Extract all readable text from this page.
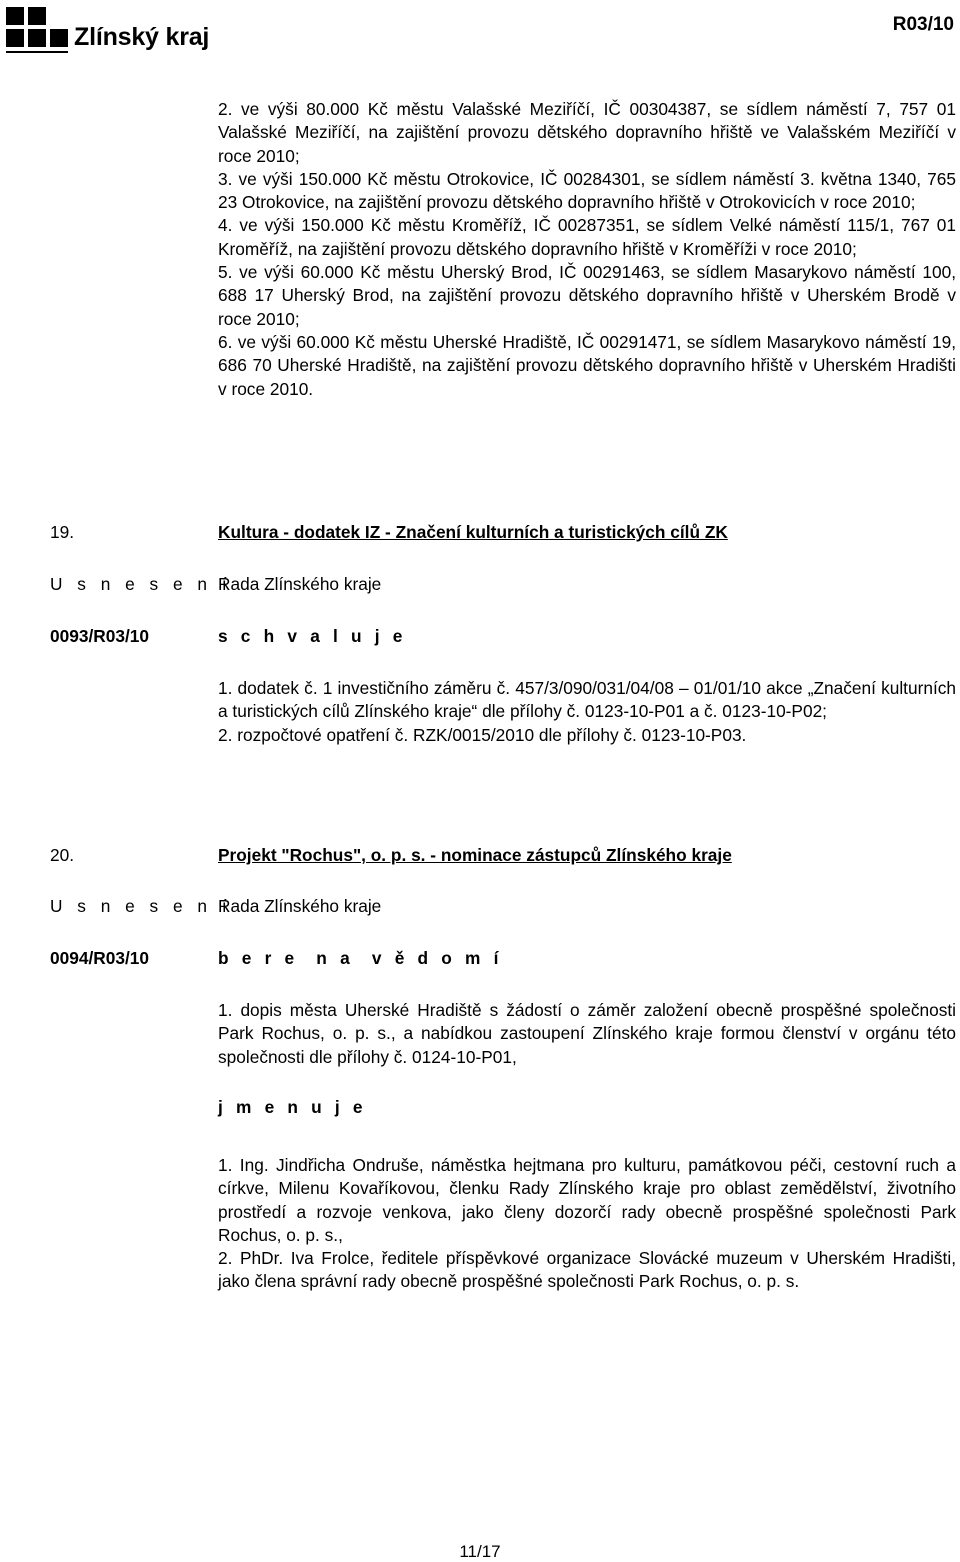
Zlínský kraj	R03/10
2. ve výši 80.000 Kč městu Valašské Meziříčí, IČ 00304387, se sídlem náměstí 7, 757 01 Valašské Meziříčí, na zajištění provozu dětského dopravního hřiště ve Valašském Meziříčí v roce 2010;
3. ve výši 150.000 Kč městu Otrokovice, IČ 00284301, se sídlem náměstí 3. května 1340, 765 23 Otrokovice, na zajištění provozu dětského dopravního hřiště v Otrokovicích v roce 2010;
4. ve výši 150.000 Kč městu Kroměříž, IČ 00287351, se sídlem Velké náměstí 115/1, 767 01 Kroměříž, na zajištění provozu dětského dopravního hřiště v Kroměříži v roce 2010;
5. ve výši 60.000 Kč městu Uherský Brod, IČ 00291463, se sídlem Masarykovo náměstí 100, 688 17 Uherský Brod, na zajištění provozu dětského dopravního hřiště v Uherském Brodě v roce 2010;
6. ve výši 60.000 Kč městu Uherské Hradiště, IČ 00291471, se sídlem Masarykovo náměstí 19, 686 70 Uherské Hradiště, na zajištění provozu dětského dopravního hřiště v Uherském Hradišti v roce 2010.
19.	Kultura - dodatek IZ - Značení kulturních a turistických cílů ZK
U s n e s e n í
Rada Zlínského kraje
0093/R03/10	s c h v a l u j e
1. dodatek č. 1 investičního záměru č. 457/3/090/031/04/08 – 01/01/10 akce „Značení kulturních a turistických cílů Zlínského kraje“ dle přílohy č. 0123-10-P01 a č. 0123-10-P02;
2. rozpočtové opatření č. RZK/0015/2010 dle přílohy č. 0123-10-P03.
20.	Projekt "Rochus", o. p. s. - nominace zástupců Zlínského kraje
U s n e s e n í
Rada Zlínského kraje
0094/R03/10	b e r e  n a  v ě d o m í
1. dopis města Uherské Hradiště s žádostí o záměr založení obecně prospěšné společnosti Park Rochus, o. p. s., a nabídkou zastoupení Zlínského kraje formou členství v orgánu této společnosti dle přílohy č. 0124-10-P01,
j m e n u j e
1. Ing. Jindřicha Ondruše, náměstka hejtmana pro kulturu, památkovou péči, cestovní ruch a církve, Milenu Kovaříkovou, členku Rady Zlínského kraje pro oblast zemědělství, životního prostředí a rozvoje venkova, jako členy dozorčí rady obecně prospěšné společnosti Park Rochus, o. p. s.,
2. PhDr. Iva Frolce, ředitele příspěvkové organizace Slovácké muzeum v Uherském Hradišti, jako člena správní rady obecně prospěšné společnosti Park Rochus, o. p. s.
11/17
